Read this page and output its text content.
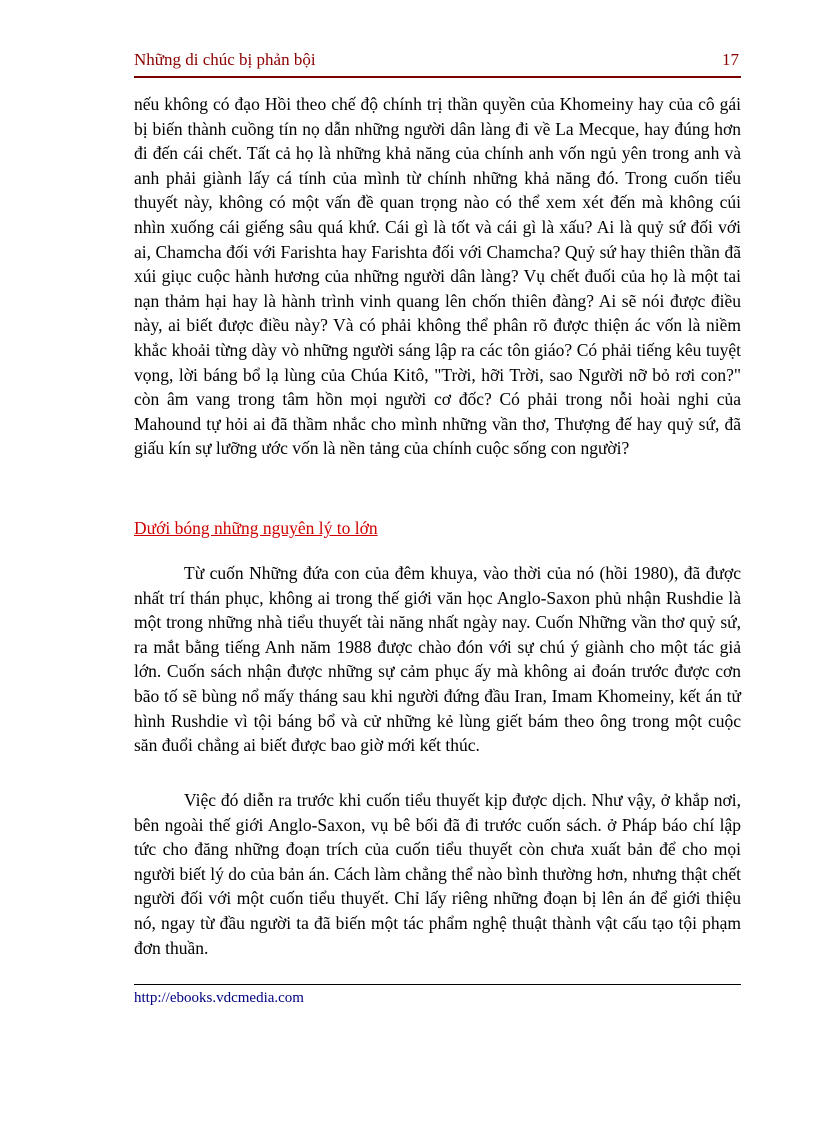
Những di chúc bị phản bội	17

nếu không có đạo Hồi theo chế độ chính trị thần quyền của Khomeiny hay của cô gái bị biến thành cuồng tín nọ dẫn những người dân làng đi về La Mecque, hay đúng hơn đi đến cái chết. Tất cả họ là những khả năng của chính anh vốn ngủ yên trong anh và anh phải giành lấy cá tính của mình từ chính những khả năng đó. Trong cuốn tiểu thuyết này, không có một vấn đề quan trọng nào có thể xem xét đến mà không cúi nhìn xuống cái giếng sâu quá khứ. Cái gì là tốt và cái gì là xấu? Ai là quỷ sứ đối với ai, Chamcha đối với Farishta hay Farishta đối với Chamcha? Quỷ sứ hay thiên thần đã xúi giục cuộc hành hương của những người dân làng? Vụ chết đuối của họ là một tai nạn thảm hại hay là hành trình vinh quang lên chốn thiên đàng? Ai sẽ nói được điều này, ai biết được điều này? Và có phải không thể phân rõ được thiện ác vốn là niềm khắc khoải từng dày vò những người sáng lập ra các tôn giáo? Có phải tiếng kêu tuyệt vọng, lời báng bổ lạ lùng của Chúa Kitô, "Trời, hỡi Trời, sao Người nỡ bỏ rơi con?" còn âm vang trong tâm hồn mọi người cơ đốc? Có phải trong nỗi hoài nghi của Mahound tự hỏi ai đã thầm nhắc cho mình những vần thơ, Thượng đế hay quỷ sứ, đã giấu kín sự lưỡng ước vốn là nền tảng của chính cuộc sống con người?

Dưới bóng những nguyên lý to lớn

Từ cuốn Những đứa con của đêm khuya, vào thời của nó (hồi 1980), đã được nhất trí thán phục, không ai trong thế giới văn học Anglo-Saxon phủ nhận Rushdie là một trong những nhà tiểu thuyết tài năng nhất ngày nay. Cuốn Những vần thơ quỷ sứ, ra mắt bằng tiếng Anh năm 1988 được chào đón với sự chú ý giành cho một tác giả lớn. Cuốn sách nhận được những sự cảm phục ấy mà không ai đoán trước được cơn bão tố sẽ bùng nổ mấy tháng sau khi người đứng đầu Iran, Imam Khomeiny, kết án tử hình Rushdie vì tội báng bổ và cử những kẻ lùng giết bám theo ông trong một cuộc săn đuổi chẳng ai biết được bao giờ mới kết thúc.

Việc đó diễn ra trước khi cuốn tiểu thuyết kịp được dịch. Như vậy, ở khắp nơi, bên ngoài thế giới Anglo-Saxon, vụ bê bối đã đi trước cuốn sách. ở Pháp báo chí lập tức cho đăng những đoạn trích của cuốn tiểu thuyết còn chưa xuất bản để cho mọi người biết lý do của bản án. Cách làm chẳng thể nào bình thường hơn, nhưng thật chết người đối với một cuốn tiểu thuyết. Chỉ lấy riêng những đoạn bị lên án để giới thiệu nó, ngay từ đầu người ta đã biến một tác phẩm nghệ thuật thành vật cấu tạo tội phạm đơn thuần.

http://ebooks.vdcmedia.com
